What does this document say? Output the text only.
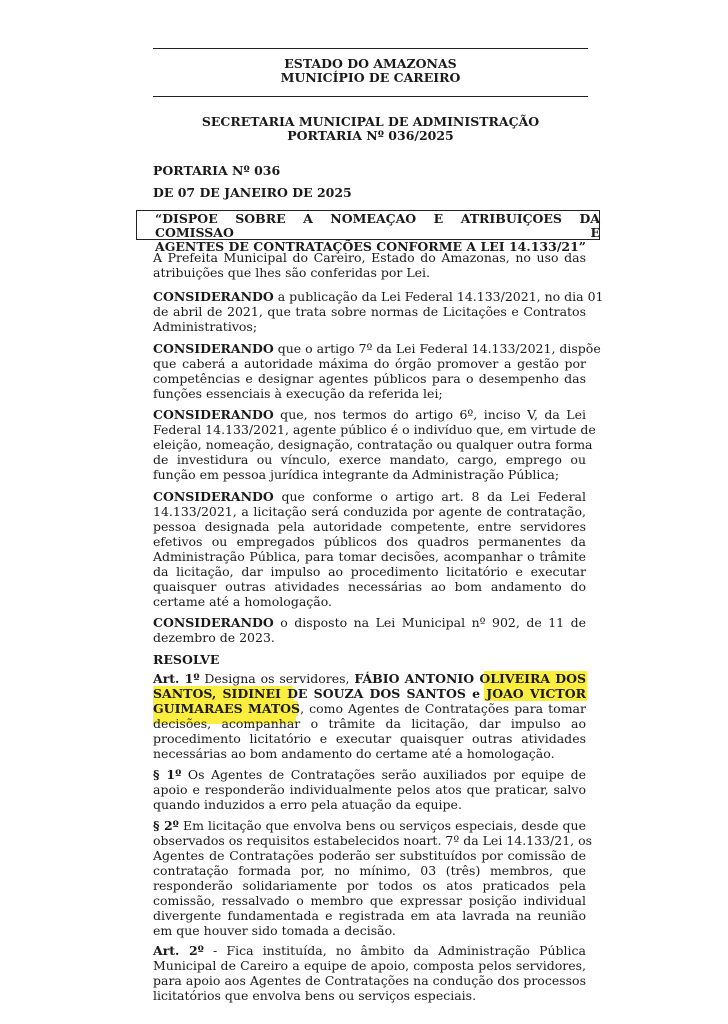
ESTADO DO AMAZONAS
MUNICÍPIO DE CAREIRO
SECRETARIA MUNICIPAL DE ADMINISTRAÇÃO
PORTARIA Nº 036/2025
PORTARIA Nº 036
DE 07 DE JANEIRO DE 2025
“DISPOE SOBRE A NOMEAÇAO E ATRIBUIÇOES DA COMISSAO E
AGENTES DE CONTRATAÇÕES CONFORME A LEI 14.133/21”
A Prefeita Municipal do Careiro, Estado do Amazonas, no uso das
atribuições que lhes são conferidas por Lei.
CONSIDERANDO a publicação da Lei Federal 14.133/2021, no dia 01
de abril de 2021, que trata sobre normas de Licitações e Contratos
Administrativos;
CONSIDERANDO que o artigo 7º da Lei Federal 14.133/2021, dispõe
que caberá a autoridade máxima do órgão promover a gestão por
competências e designar agentes públicos para o desempenho das
funções essenciais à execução da referida lei;
CONSIDERANDO que, nos termos do artigo 6º, inciso V, da Lei
Federal 14.133/2021, agente público é o indivíduo que, em virtude de
eleição, nomeação, designação, contratação ou qualquer outra forma
de investidura ou vínculo, exerce mandato, cargo, emprego ou
função em pessoa jurídica integrante da Administração Pública;
CONSIDERANDO que conforme o artigo art. 8 da Lei Federal
14.133/2021, a licitação será conduzida por agente de contratação,
pessoa designada pela autoridade competente, entre servidores
efetivos ou empregados públicos dos quadros permanentes da
Administração Pública, para tomar decisões, acompanhar o trâmite
da licitação, dar impulso ao procedimento licitatório e executar
quaisquer outras atividades necessárias ao bom andamento do
certame até a homologação.
CONSIDERANDO o disposto na Lei Municipal nº 902, de 11 de
dezembro de 2023.
RESOLVE
Art. 1º Designa os servidores, FÁBIO ANTONIO OLIVEIRA DOS
SANTOS, SIDINEI DE SOUZA DOS SANTOS e JOAO VICTOR
GUIMARAES MATOS, como Agentes de Contratações para tomar
decisões, acompanhar o trâmite da licitação, dar impulso ao
procedimento licitatório e executar quaisquer outras atividades
necessárias ao bom andamento do certame até a homologação.
§ 1º Os Agentes de Contratações serão auxiliados por equipe de
apoio e responderão individualmente pelos atos que praticar, salvo
quando induzidos a erro pela atuação da equipe.
§ 2º Em licitação que envolva bens ou serviços especiais, desde que
observados os requisitos estabelecidos noart. 7º da Lei 14.133/21, os
Agentes de Contratações poderão ser substituídos por comissão de
contratação formada por, no mínimo, 03 (três) membros, que
responderão solidariamente por todos os atos praticados pela
comissão, ressalvado o membro que expressar posição individual
divergente fundamentada e registrada em ata lavrada na reunião
em que houver sido tomada a decisão.
Art. 2º - Fica instituída, no âmbito da Administração Pública
Municipal de Careiro a equipe de apoio, composta pelos servidores,
para apoio aos Agentes de Contratações na condução dos processos
licitatórios que envolva bens ou serviços especiais.
